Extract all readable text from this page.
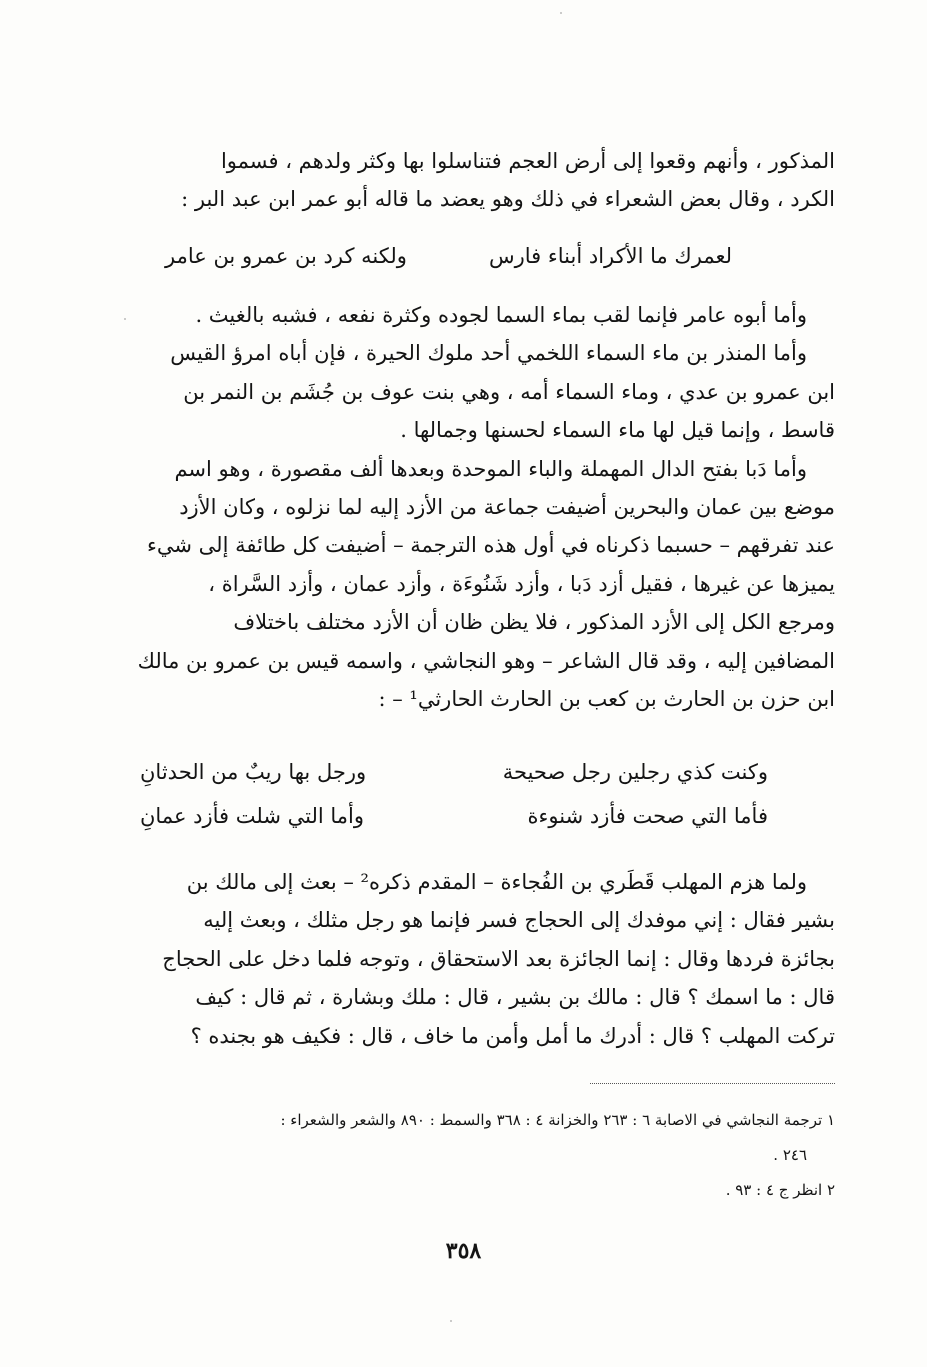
المذكور ، وأنهم وقعوا إلى أرض العجم فتناسلوا بها وكثر ولدهم ، فسموا
الكرد ، وقال بعض الشعراء في ذلك وهو يعضد ما قاله أبو عمر ابن عبد البر :
لعمرك ما الأكراد أبناء فارس
ولكنه كرد بن عمرو بن عامر
وأما أبوه عامر فإنما لقب بماء السما لجوده وكثرة نفعه ، فشبه بالغيث .
وأما المنذر بن ماء السماء اللخمي أحد ملوك الحيرة ، فإن أباه امرؤ القيس
ابن عمرو بن عدي ، وماء السماء أمه ، وهي بنت عوف بن جُشَم بن النمر بن
قاسط ، وإنما قيل لها ماء السماء لحسنها وجمالها .
وأما دَبا بفتح الدال المهملة والباء الموحدة وبعدها ألف مقصورة ، وهو اسم
موضع بين عمان والبحرين أضيفت جماعة من الأزد إليه لما نزلوه ، وكان الأزد
عند تفرقهم – حسبما ذكرناه في أول هذه الترجمة – أضيفت كل طائفة إلى شيء
يميزها عن غيرها ، فقيل أزد دَبا ، وأزد شَنُوءَة ، وأزد عمان ، وأزد السَّراة ،
ومرجع الكل إلى الأزد المذكور ، فلا يظن ظان أن الأزد مختلف باختلاف
المضافين إليه ، وقد قال الشاعر – وهو النجاشي ، واسمه قيس بن عمرو بن مالك
ابن حزن بن الحارث بن كعب بن الحارث الحارثي¹ – :
وكنت كذي رجلين رجل صحيحة
ورجل بها ريبٌ من الحدثانِ
فأما التي صحت فأزد شنوءة
وأما التي شلت فأزد عمانِ
ولما هزم المهلب قَطَري بن الفُجاءة – المقدم ذكره² – بعث إلى مالك بن
بشير فقال : إني موفدك إلى الحجاج فسر فإنما هو رجل مثلك ، وبعث إليه
بجائزة فردها وقال : إنما الجائزة بعد الاستحقاق ، وتوجه فلما دخل على الحجاج
قال : ما اسمك ؟ قال : مالك بن بشير ، قال : ملك وبشارة ، ثم قال : كيف
تركت المهلب ؟ قال : أدرك ما أمل وأمن ما خاف ، قال : فكيف هو بجنده ؟
١ ترجمة النجاشي في الاصابة ٦ : ٢٦٣ والخزانة ٤ : ٣٦٨ والسمط : ٨٩٠ والشعر والشعراء :
٢٤٦ .
٢ انظر ج ٤ : ٩٣ .
٣٥٨
